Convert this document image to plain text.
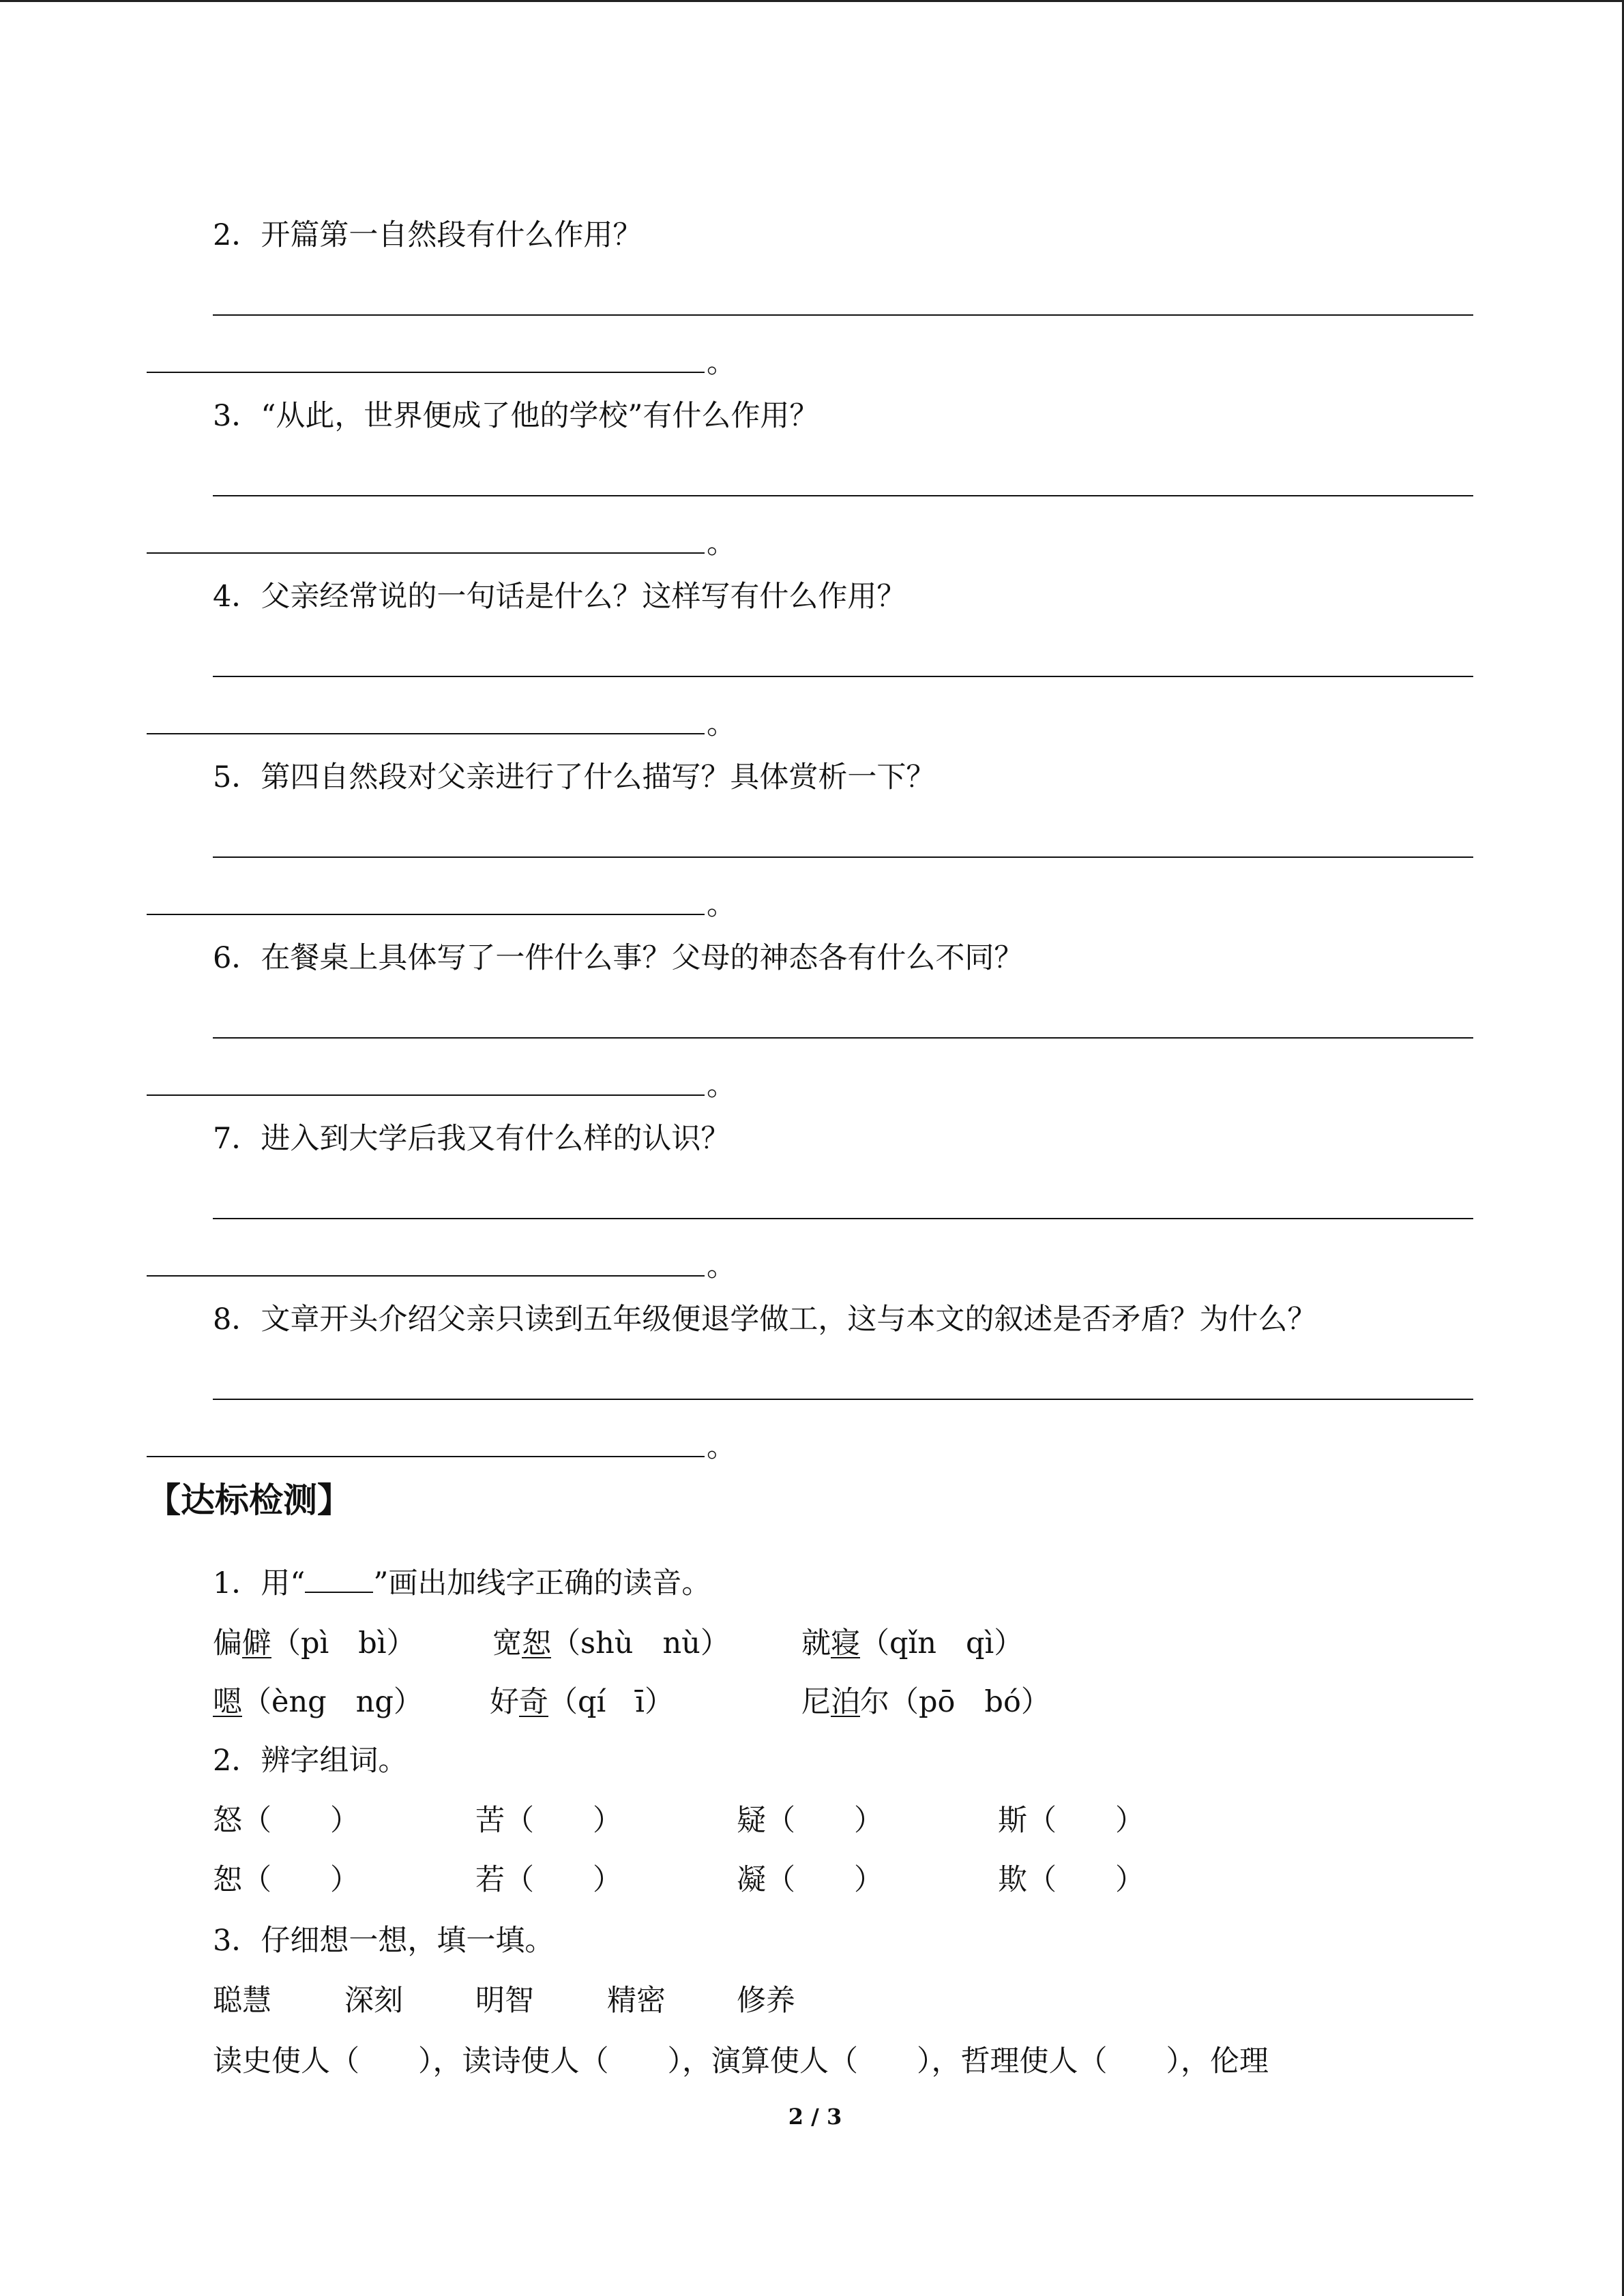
2．开篇第一自然段有什么作用？
。
3．“从此，世界便成了他的学校”有什么作用？
。
4．父亲经常说的一句话是什么？这样写有什么作用？
。
5．第四自然段对父亲进行了什么描写？具体赏析一下？
。
6．在餐桌上具体写了一件什么事？父母的神态各有什么不同？
。
7．进入到大学后我又有什么样的认识？
。
8．文章开头介绍父亲只读到五年级便退学做工，这与本文的叙述是否矛盾？为什么？
。
【达标检测】
1．用“ ”画出加线字正确的读音。
偏僻（pì　bì）	宽恕（shù　nù） 就寝（qǐn　qì）
嗯（èng　ng） 好奇（qí　ī）	尼泊尔（pō　bó）
2．辨字组词。
怒（　　）	苦（　　）	疑（　　）	斯（　　）
恕（　　）	若（　　）	凝（　　）	欺（　　）
3．仔细想一想，填一填。
聪慧 深刻 明智 精密 修养
读史使人（　　），读诗使人（　　），演算使人（　　），哲理使人（　　），伦理
2 / 3
